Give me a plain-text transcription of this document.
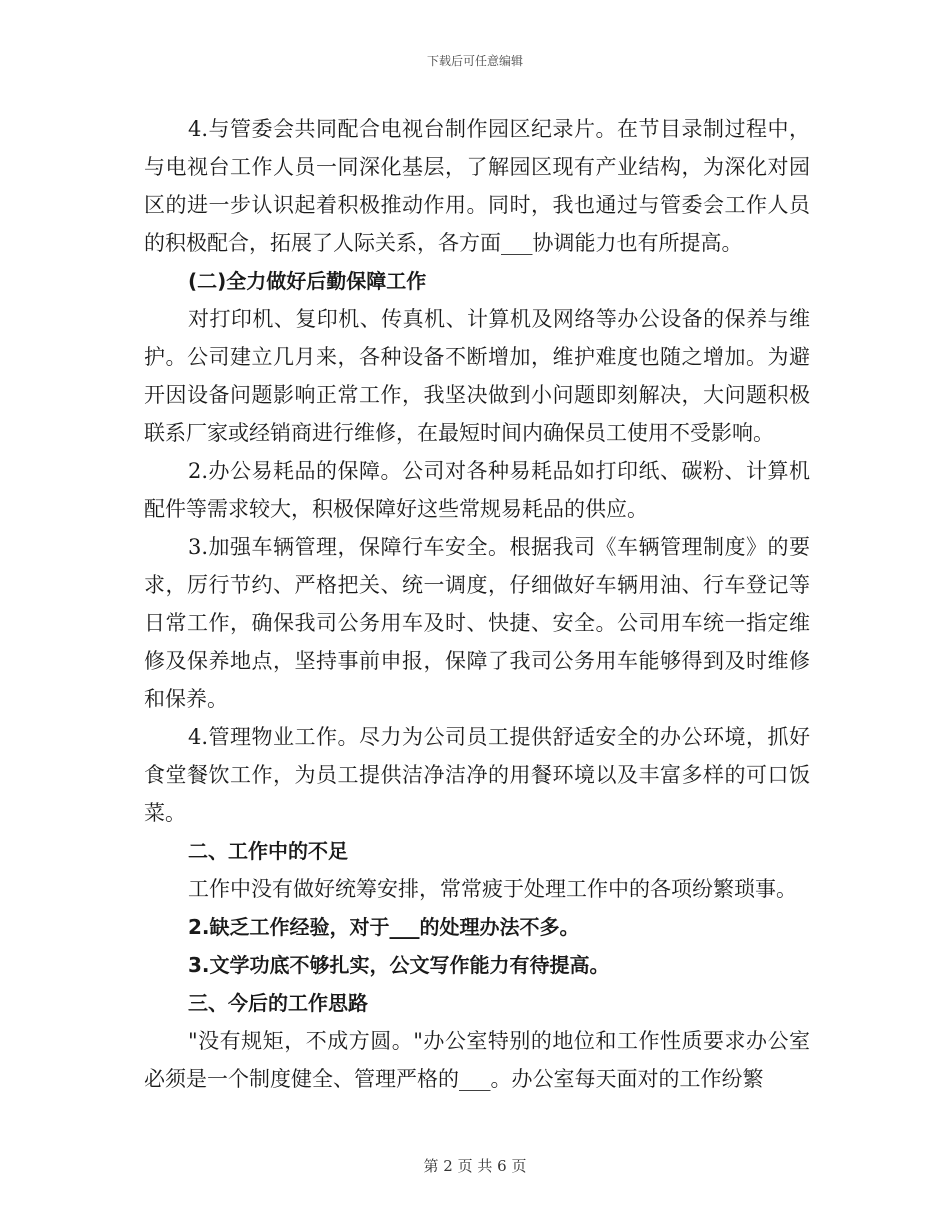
下载后可任意编辑

4.与管委会共同配合电视台制作园区纪录片。在节目录制过程中，与电视台工作人员一同深化基层，了解园区现有产业结构，为深化对园区的进一步认识起着积极推动作用。同时，我也通过与管委会工作人员的积极配合，拓展了人际关系，各方面___协调能力也有所提高。

(二)全力做好后勤保障工作

对打印机、复印机、传真机、计算机及网络等办公设备的保养与维护。公司建立几月来，各种设备不断增加，维护难度也随之增加。为避开因设备问题影响正常工作，我坚决做到小问题即刻解决，大问题积极联系厂家或经销商进行维修，在最短时间内确保员工使用不受影响。

2.办公易耗品的保障。公司对各种易耗品如打印纸、碳粉、计算机配件等需求较大，积极保障好这些常规易耗品的供应。

3.加强车辆管理，保障行车安全。根据我司《车辆管理制度》的要求，厉行节约、严格把关、统一调度，仔细做好车辆用油、行车登记等日常工作，确保我司公务用车及时、快捷、安全。公司用车统一指定维修及保养地点，坚持事前申报，保障了我司公务用车能够得到及时维修和保养。

4.管理物业工作。尽力为公司员工提供舒适安全的办公环境，抓好食堂餐饮工作，为员工提供洁净洁净的用餐环境以及丰富多样的可口饭菜。

二、工作中的不足

工作中没有做好统筹安排，常常疲于处理工作中的各项纷繁琐事。

2.缺乏工作经验，对于___的处理办法不多。

3.文学功底不够扎实，公文写作能力有待提高。

三、今后的工作思路

"没有规矩，不成方圆。"办公室特别的地位和工作性质要求办公室必须是一个制度健全、管理严格的___。办公室每天面对的工作纷繁

第 2 页 共 6 页
